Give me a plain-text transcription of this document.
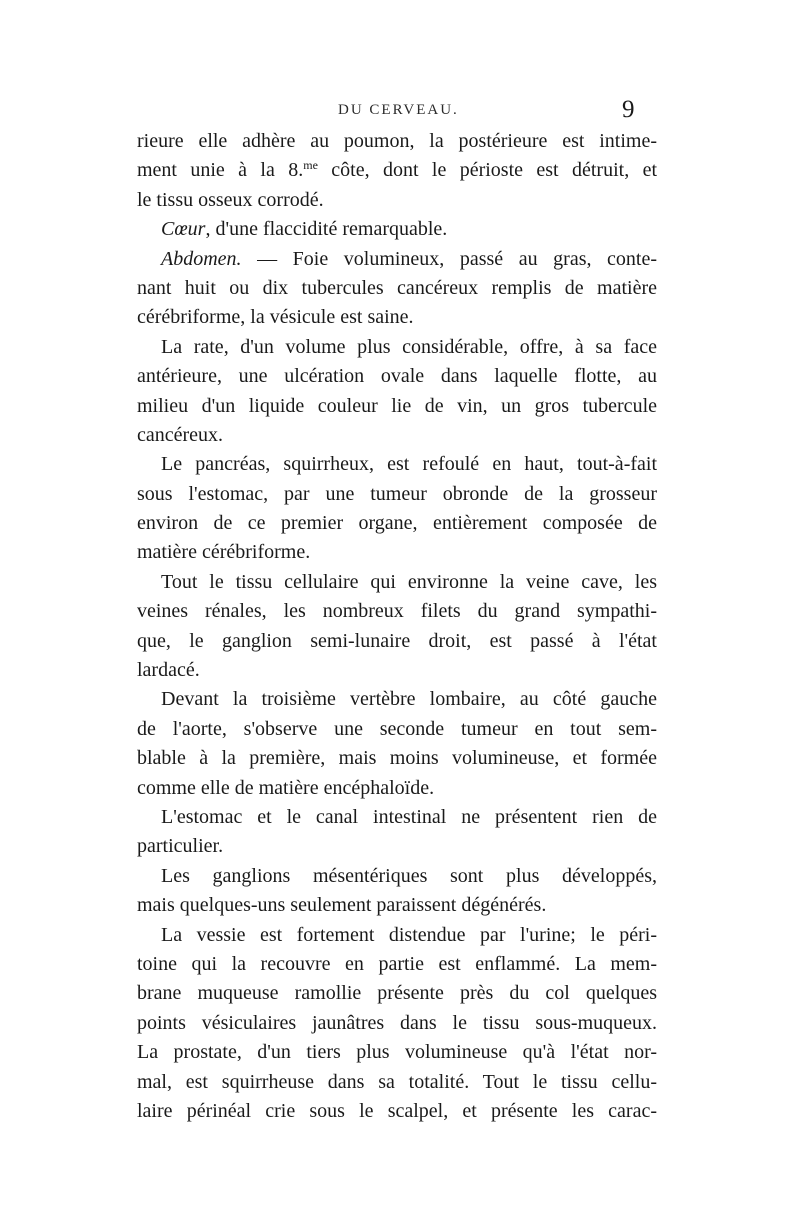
DU CERVEAU.	9
rieure elle adhère au poumon, la postérieure est intime-
ment unie à la 8.$^{me}$ côte, dont le périoste est détruit, et
le tissu osseux corrodé.
Cœur, d'une flaccidité remarquable.
Abdomen. — Foie volumineux, passé au gras, conte-
nant huit ou dix tubercules cancéreux remplis de matière
cérébriforme, la vésicule est saine.
La rate, d'un volume plus considérable, offre, à sa face
antérieure, une ulcération ovale dans laquelle flotte, au
milieu d'un liquide couleur lie de vin, un gros tubercule
cancéreux.
Le pancréas, squirrheux, est refoulé en haut, tout-à-fait
sous l'estomac, par une tumeur obronde de la grosseur
environ de ce premier organe, entièrement composée de
matière cérébriforme.
Tout le tissu cellulaire qui environne la veine cave, les
veines rénales, les nombreux filets du grand sympathi-
que, le ganglion semi-lunaire droit, est passé à l'état
lardacé.
Devant la troisième vertèbre lombaire, au côté gauche
de l'aorte, s'observe une seconde tumeur en tout sem-
blable à la première, mais moins volumineuse, et formée
comme elle de matière encéphaloïde.
L'estomac et le canal intestinal ne présentent rien de
particulier.
Les ganglions mésentériques sont plus développés,
mais quelques-uns seulement paraissent dégénérés.
La vessie est fortement distendue par l'urine; le péri-
toine qui la recouvre en partie est enflammé. La mem-
brane muqueuse ramollie présente près du col quelques
points vésiculaires jaunâtres dans le tissu sous-muqueux.
La prostate, d'un tiers plus volumineuse qu'à l'état nor-
mal, est squirrheuse dans sa totalité. Tout le tissu cellu-
laire périnéal crie sous le scalpel, et présente les carac-
